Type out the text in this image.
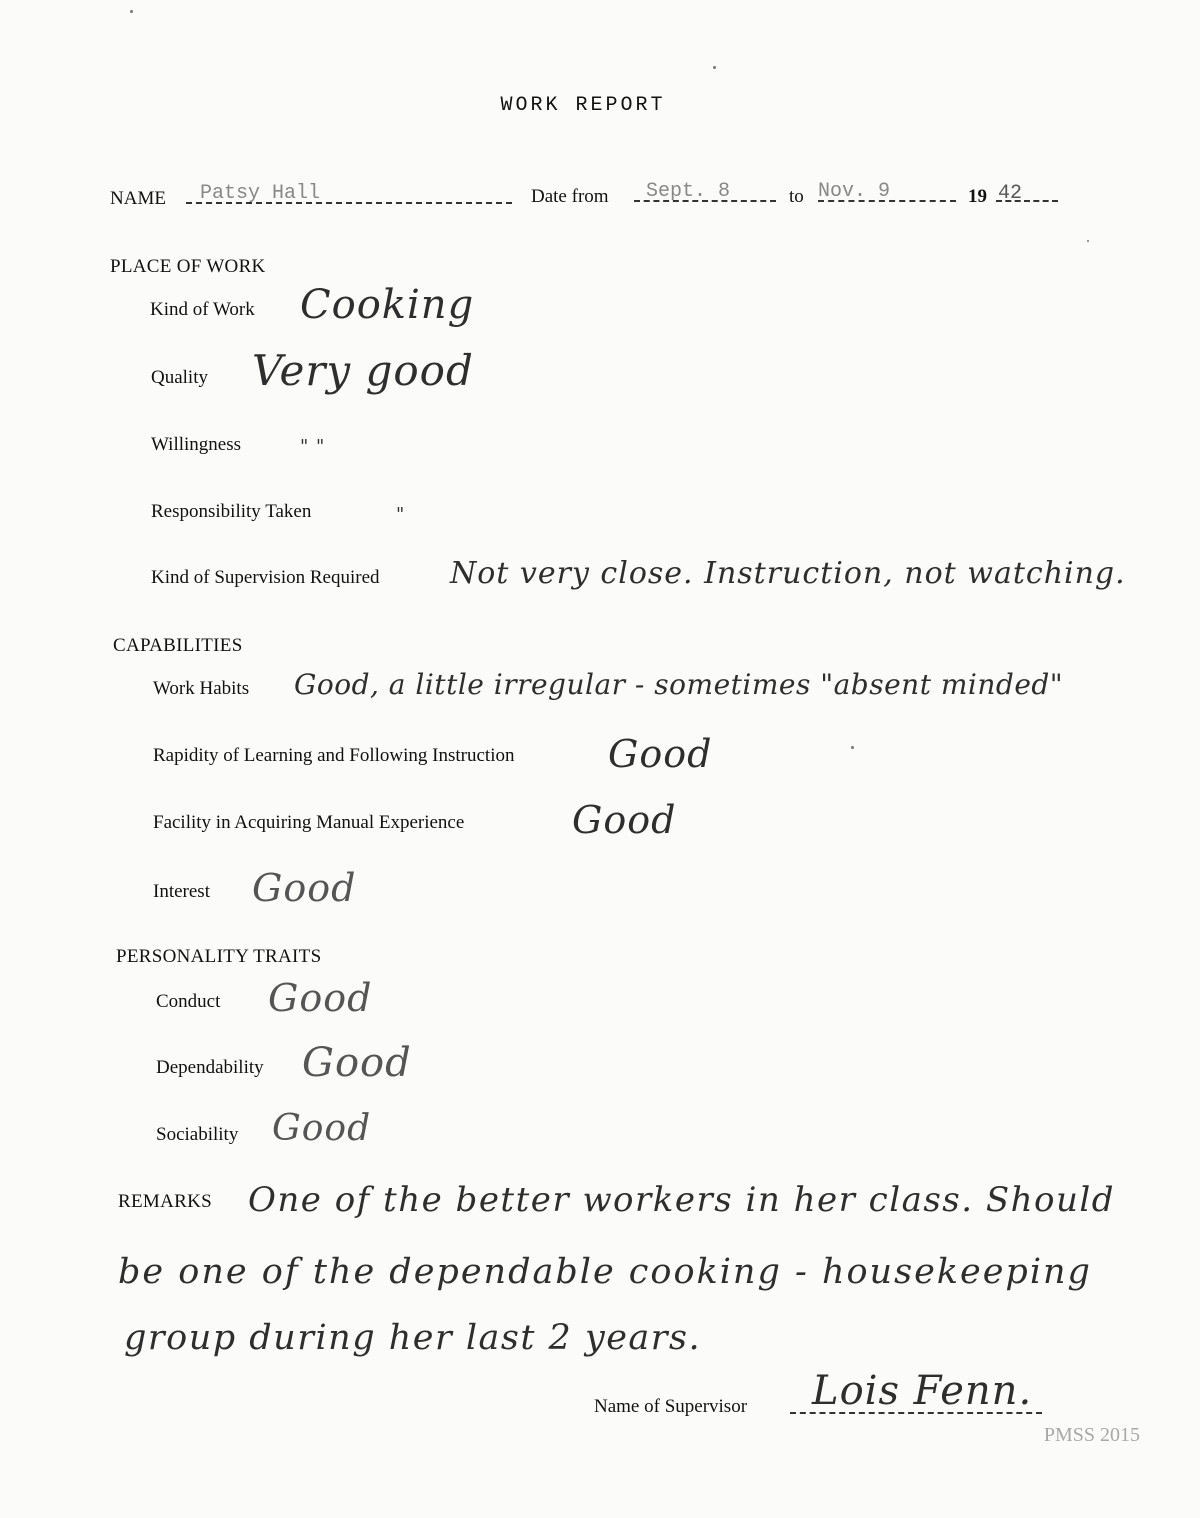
WORK REPORT
NAME Patsy Hall	Date from Sept. 8	to Nov. 9	19 42
PLACE OF WORK
Kind of Work Cooking
Quality Very good
Willingness	" "
Responsibility Taken	"
Kind of Supervision Required Not very close. Instruction, not watching.
CAPABILITIES
Work Habits Good, a little irregular - sometimes "absent minded"
Rapidity of Learning and Following Instruction Good
Facility in Acquiring Manual Experience	Good
Interest Good
PERSONALITY TRAITS
Conduct Good
Dependability Good
Sociability Good
REMARKS One of the better workers in her class. Should
be one of the dependable cooking - housekeeping
group during her last 2 years.
Name of Supervisor Lois Fenn.
PMSS 2015
